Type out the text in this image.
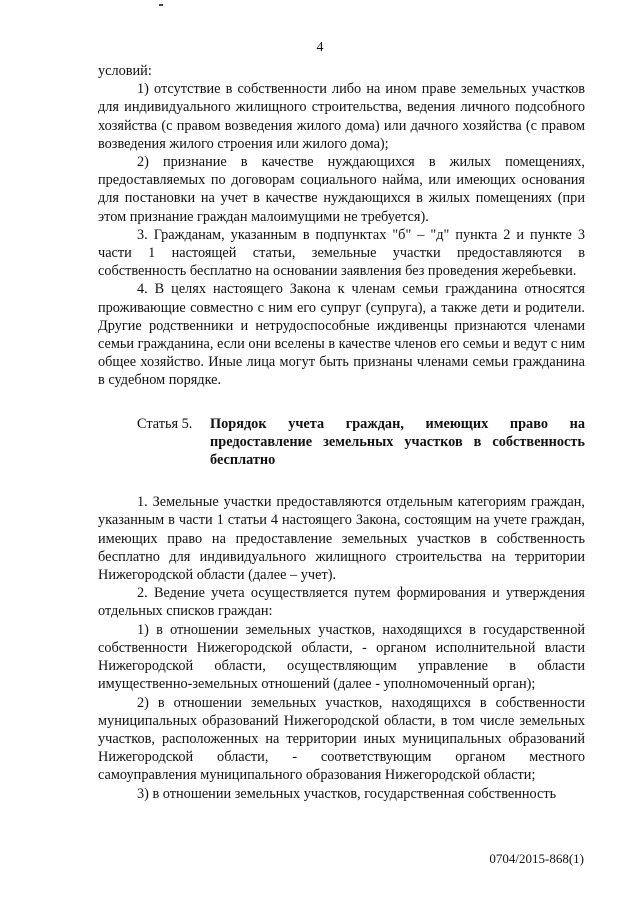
4

условий:

1) отсутствие в собственности либо на ином праве земельных участков для индивидуального жилищного строительства, ведения личного подсобного хозяйства (с правом возведения жилого дома) или дачного хозяйства (с правом возведения жилого строения или жилого дома);

2) признание в качестве нуждающихся в жилых помещениях, предоставляемых по договорам социального найма, или имеющих основания для постановки на учет в качестве нуждающихся в жилых помещениях (при этом признание граждан малоимущими не требуется).

3. Гражданам, указанным в подпунктах "б" – "д" пункта 2 и пункте 3 части 1 настоящей статьи, земельные участки предоставляются в собственность бесплатно на основании заявления без проведения жеребьевки.

4. В целях настоящего Закона к членам семьи гражданина относятся проживающие совместно с ним его супруг (супруга), а также дети и родители. Другие родственники и нетрудоспособные иждивенцы признаются членами семьи гражданина, если они вселены в качестве членов его семьи и ведут с ним общее хозяйство. Иные лица могут быть признаны членами семьи гражданина в судебном порядке.

Статья 5.	Порядок учета граждан, имеющих право на предоставление земельных участков в собственность бесплатно

1. Земельные участки предоставляются отдельным категориям граждан, указанным в части 1 статьи 4 настоящего Закона, состоящим на учете граждан, имеющих право на предоставление земельных участков в собственность бесплатно для индивидуального жилищного строительства на территории Нижегородской области (далее – учет).

2. Ведение учета осуществляется путем формирования и утверждения отдельных списков граждан:

1) в отношении земельных участков, находящихся в государственной собственности Нижегородской области, - органом исполнительной власти Нижегородской области, осуществляющим управление в области имущественно-земельных отношений (далее - уполномоченный орган);

2) в отношении земельных участков, находящихся в собственности муниципальных образований Нижегородской области, в том числе земельных участков, расположенных на территории иных муниципальных образований Нижегородской области, - соответствующим органом местного самоуправления муниципального образования Нижегородской области;

3) в отношении земельных участков, государственная собственность

0704/2015-868(1)
